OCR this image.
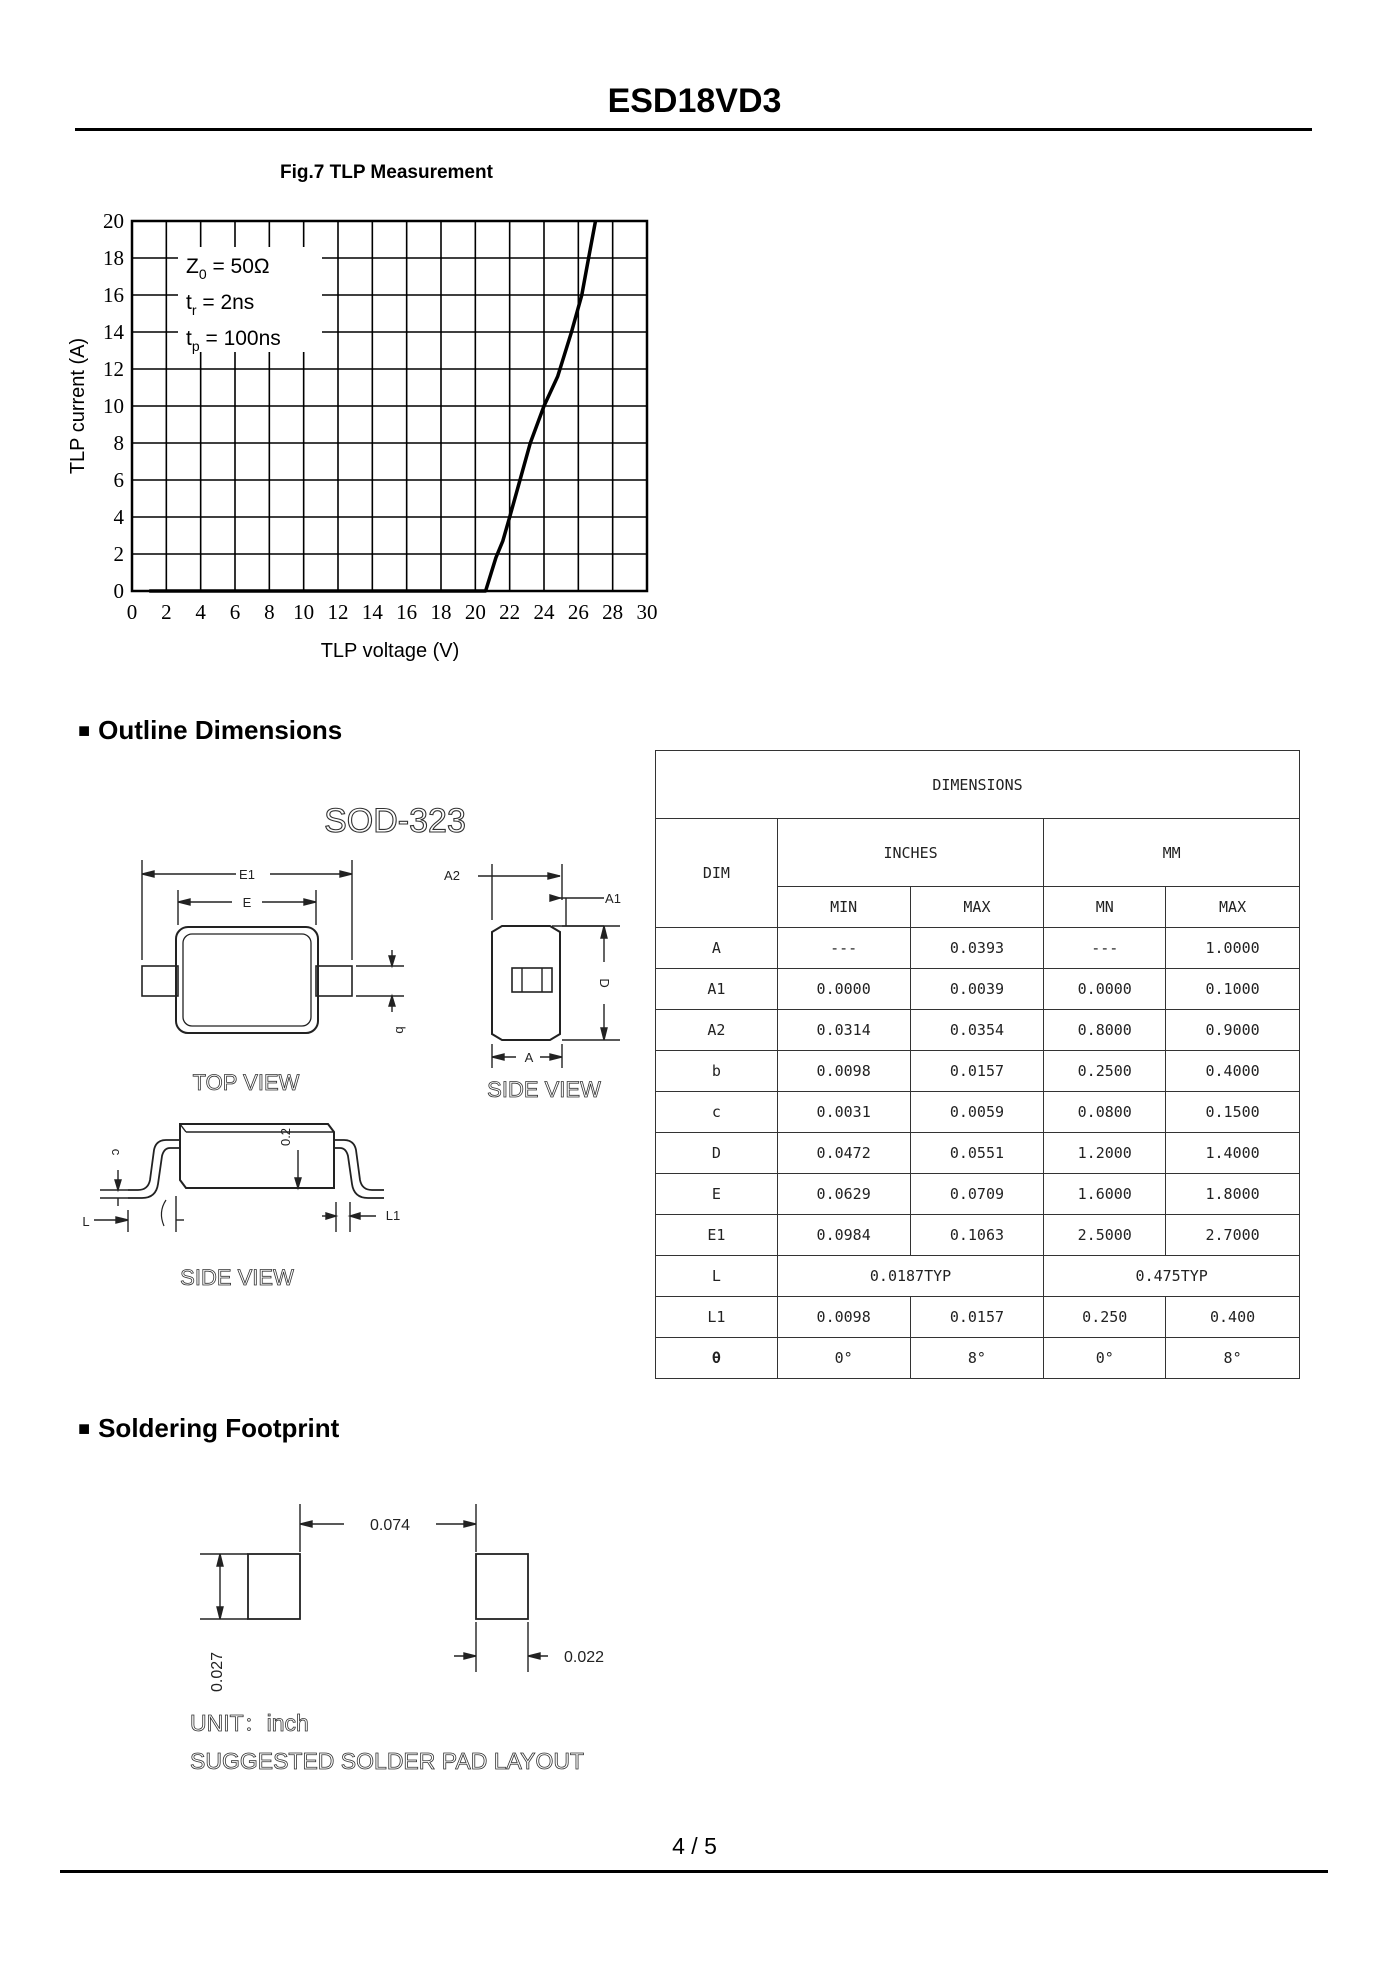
ESD18VD3
Fig.7 TLP Measurement
0
2
4
6
8
10
12
14
16
18
20
0 2 4 6 8 10 12 14 16 18 20 22 24 26 28 30
$Z_0 = 50\Omega$
$t_r = 2ns$
$t_p = 100ns$
TLP voltage (V)
TLP current (A)
■ Outline Dimensions
SOD-323
E1
E
b
TOP VIEW
A2
A1
D
A
SIDE VIEW
c
0.2
L	L1
SIDE VIEW
DIMENSIONS				
DIM	INCHES		MM	
	MIN	MAX	MN	MAX
A	---	0.0393	---	1.0000
A1	0.0000	0.0039	0.0000	0.1000
A2	0.0314	0.0354	0.8000	0.9000
b	0.0098	0.0157	0.2500	0.4000
c	0.0031	0.0059	0.0800	0.1500
D	0.0472	0.0551	1.2000	1.4000
E	0.0629	0.0709	1.6000	1.8000
E1	0.0984	0.1063	2.5000	2.7000
L	0.0187TYP		0.475TYP	
L1	0.0098	0.0157	0.250	0.400
θ	0°	8°	0°	8°
■ Soldering Footprint
0.074
0.022
0.027
UNIT：inch
SUGGESTED SOLDER PAD LAYOUT
4 / 5
